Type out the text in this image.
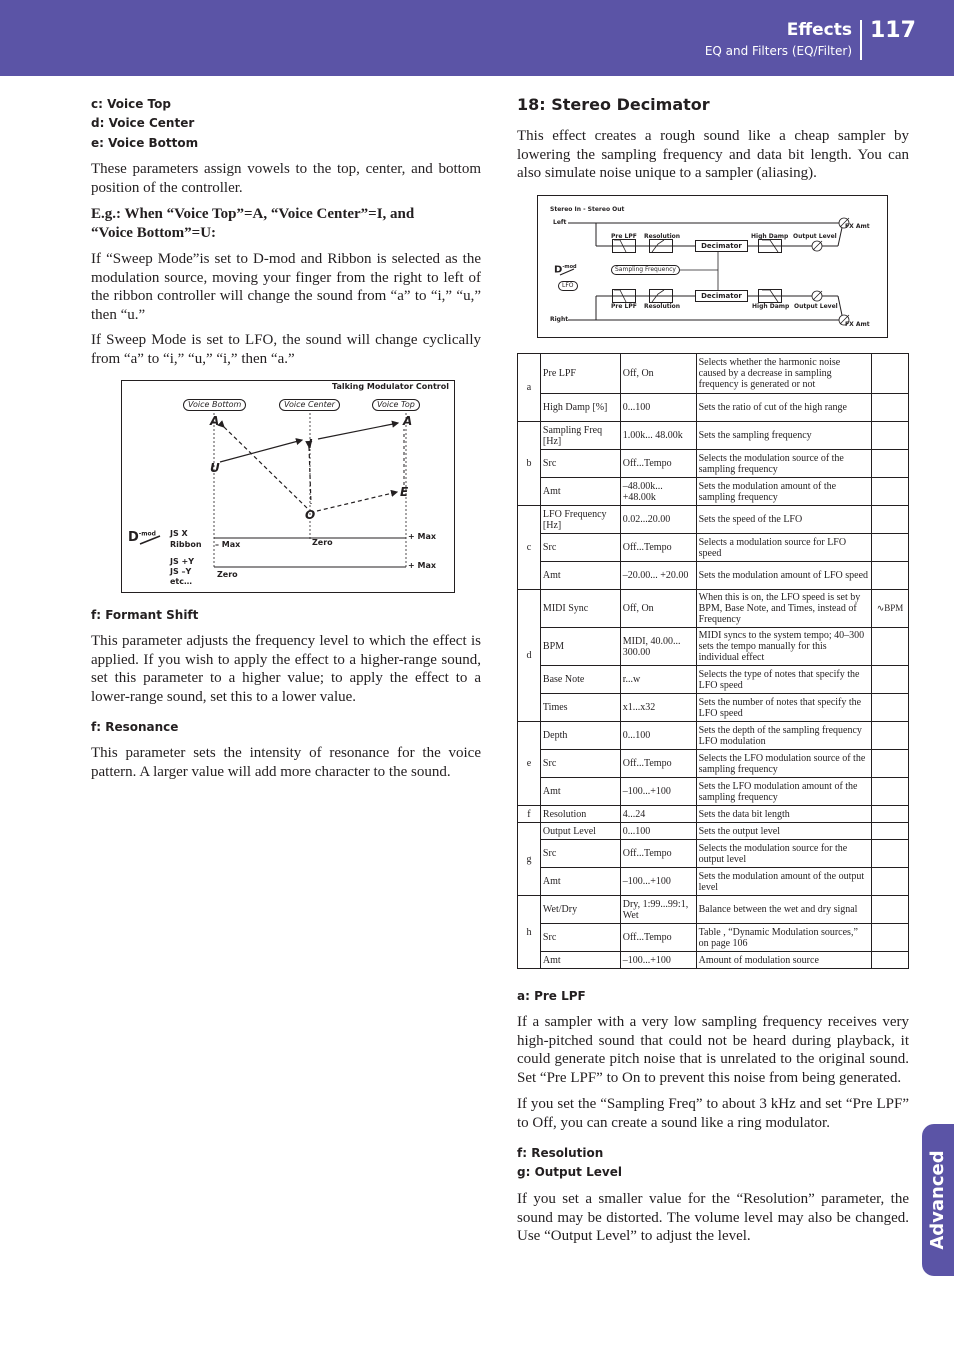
Effects
EQ and Filters (EQ/Filter)
117
Advanced
c: Voice Top
d: Voice Center
e: Voice Bottom
These parameters assign vowels to the top, center, and bottom position of the controller.
E.g.: When “Voice Top”=A, “Voice Center”=I, and
“Voice Bottom”=U:
If “Sweep Mode”is set to D-mod and Ribbon is selected as the modulation source, moving your finger from the right to left of the ribbon controller will change the sound from “a” to “i,” “u,” then “u.”
If Sweep Mode is set to LFO, the sound will change cyclically from “a” to “i,” “u,” “i,” then “a.”
Talking Modulator Control
Voice Bottom	Voice Center	Voice Top
A	A
I
U
E
O
$D^{-mod}$ JS X
Ribbon
JS +Y
JS –Y
etc…
– Max	Zero
+ Max
Zero
+ Max
f: Formant Shift
This parameter adjusts the frequency level to which the effect is applied. If you wish to apply the effect to a higher-range sound, set this parameter to a higher value; to apply the effect to a lower-range sound, set this to a lower value.
f: Resonance
This parameter sets the intensity of resonance for the voice pattern. A larger value will add more character to the sound.
18: Stereo Decimator
This effect creates a rough sound like a cheap sampler by lowering the sampling frequency and data bit length. You can also simulate noise unique to a sampler (aliasing).
Stereo In - Stereo Out
Left
Right
Pre LPF Resolution	High Damp Output Level
FX Amt
Pre LPF Resolution	High Damp Output Level
FX Amt
Decimator
Decimator
Sampling Frequency
LFO
$D^{-mod}$
a	Pre LPF	Off, On	Selects whether the harmonic noise caused by a decrease in sampling frequency is generated or not	
	High Damp [%]	0...100	Sets the ratio of cut of the high range	
b	Sampling Freq [Hz]	1.00k... 48.00k	Sets the sampling frequency	
	Src	Off...Tempo	Selects the modulation source of the sampling frequency	
	Amt	–48.00k... +48.00k	Sets the modulation amount of the sampling frequency	
c	LFO Frequency [Hz]	0.02...20.00	Sets the speed of the LFO	
	Src	Off...Tempo	Selects a modulation source for LFO speed	
	Amt	–20.00... +20.00	Sets the modulation amount of LFO speed	
d	MIDI Sync	Off, On	When this is on, the LFO speed is set by BPM, Base Note, and Times, instead of Frequency	∿BPM
	BPM	MIDI, 40.00... 300.00	MIDI syncs to the system tempo; 40–300 sets the tempo manually for this individual effect	
	Base Note	r...w	Selects the type of notes that specify the LFO speed	
	Times	x1...x32	Sets the number of notes that specify the LFO speed	
e	Depth	0...100	Sets the depth of the sampling frequency LFO modulation	
	Src	Off...Tempo	Selects the LFO modulation source of the sampling frequency	
	Amt	–100...+100	Sets the LFO modulation amount of the sampling frequency	
f	Resolution	4...24	Sets the data bit length	
g	Output Level	0...100	Sets the output level	
	Src	Off...Tempo	Selects the modulation source for the output level	
	Amt	–100...+100	Sets the modulation amount of the output level	
h	Wet/Dry	Dry, 1:99...99:1, Wet	Balance between the wet and dry signal	
	Src	Off...Tempo	Table , “Dynamic Modulation sources,” on page 106	
	Amt	–100...+100	Amount of modulation source	
a: Pre LPF
If a sampler with a very low sampling frequency receives very high-pitched sound that could not be heard during playback, it could generate pitch noise that is unrelated to the original sound. Set “Pre LPF” to On to prevent this noise from being generated.
If you set the “Sampling Freq” to about 3 kHz and set “Pre LPF” to Off, you can create a sound like a ring modulator.
f: Resolution
g: Output Level
If you set a smaller value for the “Resolution” parameter, the sound may be distorted. The volume level may also be changed. Use “Output Level” to adjust the level.
